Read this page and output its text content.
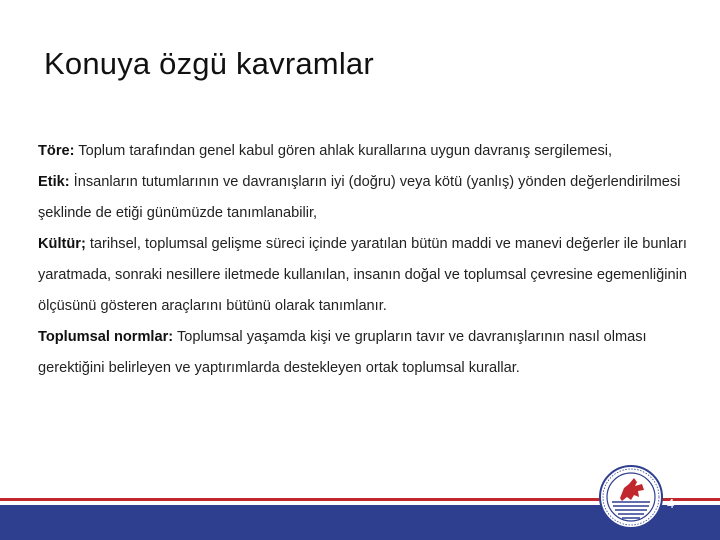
Konuya özgü kavramlar

Töre: Toplum tarafından genel kabul gören ahlak kurallarına uygun davranış sergilemesi,

Etik: İnsanların tutumlarının ve davranışların iyi (doğru) veya kötü (yanlış) yönden değerlendirilmesi şeklinde de etiği günümüzde tanımlanabilir,

Kültür; tarihsel, toplumsal gelişme süreci içinde yaratılan bütün maddi ve manevi değerler ile bunları yaratmada, sonraki nesillere iletmede kullanılan, insanın doğal ve toplumsal çevresine egemenliğinin ölçüsünü gösteren araçlarını bütünü olarak tanımlanır.

Toplumsal normlar: Toplumsal yaşamda kişi ve grupların tavır ve davranışlarının nasıl olması gerektiğini belirleyen ve yaptırımlarda destekleyen ortak toplumsal kurallar.

4
